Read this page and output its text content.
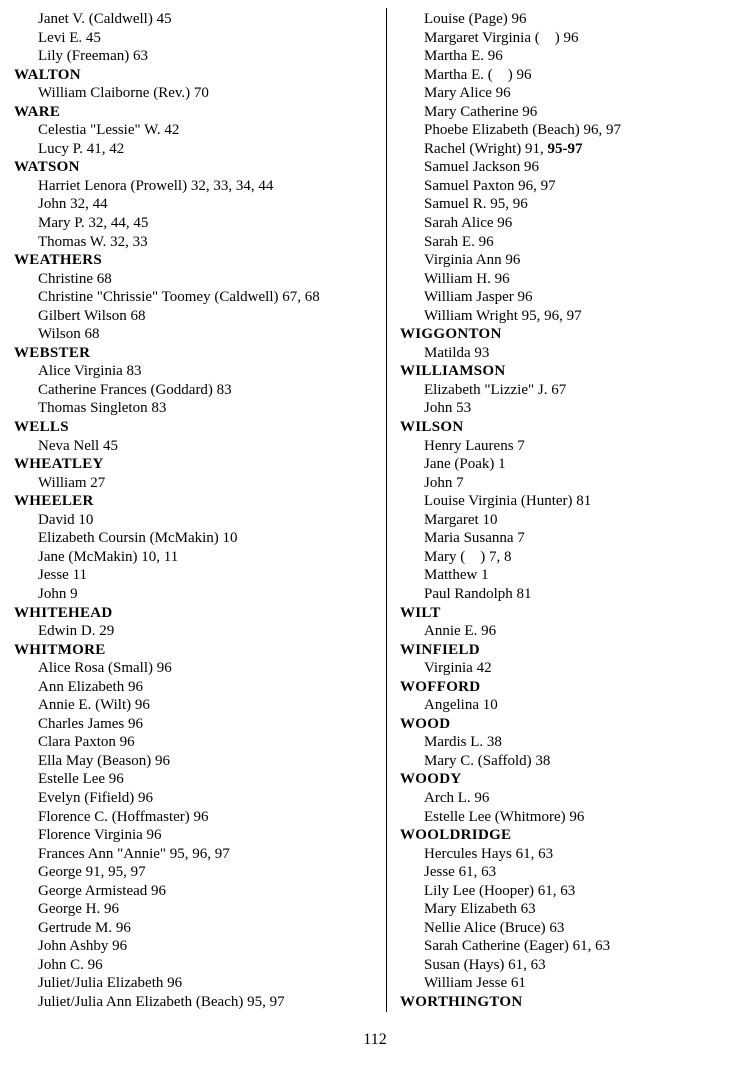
Janet V. (Caldwell) 45
Levi E. 45
Lily (Freeman) 63
WALTON
William Claiborne (Rev.) 70
WARE
Celestia "Lessie" W. 42
Lucy P. 41, 42
WATSON
Harriet Lenora (Prowell) 32, 33, 34, 44
John 32, 44
Mary P. 32, 44, 45
Thomas W. 32, 33
WEATHERS
Christine 68
Christine "Chrissie" Toomey (Caldwell) 67, 68
Gilbert Wilson 68
Wilson 68
WEBSTER
Alice Virginia 83
Catherine Frances (Goddard) 83
Thomas Singleton 83
WELLS
Neva Nell 45
WHEATLEY
William 27
WHEELER
David 10
Elizabeth Coursin (McMakin) 10
Jane (McMakin) 10, 11
Jesse 11
John 9
WHITEHEAD
Edwin D. 29
WHITMORE
Alice Rosa (Small) 96
Ann Elizabeth 96
Annie E. (Wilt) 96
Charles James 96
Clara Paxton 96
Ella May (Beason) 96
Estelle Lee 96
Evelyn (Fifield) 96
Florence C. (Hoffmaster) 96
Florence Virginia 96
Frances Ann "Annie" 95, 96, 97
George 91, 95, 97
George Armistead 96
George H. 96
Gertrude M. 96
John Ashby 96
John C. 96
Juliet/Julia Elizabeth 96
Juliet/Julia Ann Elizabeth (Beach) 95, 97
Louise (Page) 96
Margaret Virginia (    ) 96
Martha E. 96
Martha E. (    ) 96
Mary Alice 96
Mary Catherine 96
Phoebe Elizabeth (Beach) 96, 97
Rachel (Wright) 91, 95-97
Samuel Jackson 96
Samuel Paxton 96, 97
Samuel R. 95, 96
Sarah Alice 96
Sarah E. 96
Virginia Ann 96
William H. 96
William Jasper 96
William Wright 95, 96, 97
WIGGONTON
Matilda 93
WILLIAMSON
Elizabeth "Lizzie" J. 67
John 53
WILSON
Henry Laurens 7
Jane (Poak) 1
John 7
Louise Virginia (Hunter) 81
Margaret 10
Maria Susanna 7
Mary (    ) 7, 8
Matthew 1
Paul Randolph 81
WILT
Annie E. 96
WINFIELD
Virginia 42
WOFFORD
Angelina 10
WOOD
Mardis L. 38
Mary C. (Saffold) 38
WOODY
Arch L. 96
Estelle Lee (Whitmore) 96
WOOLDRIDGE
Hercules Hays 61, 63
Jesse 61, 63
Lily Lee (Hooper) 61, 63
Mary Elizabeth 63
Nellie Alice (Bruce) 63
Sarah Catherine (Eager) 61, 63
Susan (Hays) 61, 63
William Jesse 61
WORTHINGTON
112
